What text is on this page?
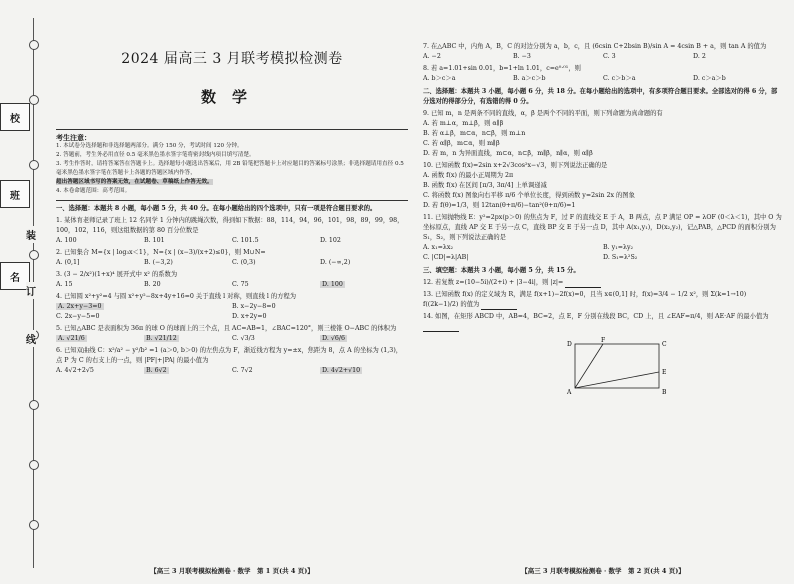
校
班
名
装
订
线
2024 届高三 3 月联考模拟检测卷
数学
考生注意：
1. 本试卷分选择题和非选择题两部分。满分 150 分，考试时间 120 分钟。
2. 答题前，考生务必用直径 0.5 毫米黑色墨水签字笔将密封线内项目填写清楚。
3. 考生作答时，请将答案答在答题卡上。选择题每小题选出答案后，用 2B 铅笔把答题卡上对应题目的答案标号涂黑；非选择题请用直径 0.5 毫米黑色墨水签字笔在答题卡上各题的答题区域内作答，
超出答题区域书写的答案无效，在试题卷、草稿纸上作答无效。
4. 本卷命题范围：高考范围。
一、选择题：本题共 8 小题，每小题 5 分，共 40 分。在每小题给出的四个选项中，只有一项是符合题目要求的。
1. 某体育老师记录了班上 12 名同学 1 分钟内的跳绳次数，得到如下数据：88，114，94，96，101，98，89，99，98，100，102，116，则这组数据的第 80 百分位数是
A. 100	B. 101	C. 101.5	D. 102
2. 已知集合 M={x | log₃x＜1}，N={x | (x−3)/(x+2)≤0}，则 M∪N=
A. (0,1]	B. (−3,2)	C. (0,3)	D. (−∞,2)
3. (3 − 2/x²)(1+x)⁴ 展开式中 x² 的系数为
A. 15	B. 20	C. 75	D. 100
4. 已知圆 x²+y²=4 与圆 x²+y²−8x+4y+16=0 关于直线 l 对称，则直线 l 的方程为
A. 2x+y−3=0	B. x−2y−8=0
C. 2x−y−5=0	D. x+2y=0
5. 已知△ABC 是表面积为 36π 的球 O 的球面上的三个点，且 AC=AB=1，∠BAC=120°，则三棱锥 O−ABC 的体积为
A. √21/6	B. √21/12	C. √3/3	D. √6/6
6. 已知双曲线 C：x²/a² − y²/b² =1 (a＞0, b＞0) 的左焦点为 F，渐近线方程为 y=±x，焦距为 8，点 A 的坐标为 (1,3)，点 P 为 C 的右支上的一点，则 |PF|+|PA| 的最小值为
A. 4√2+2√5	B. 6√2	C. 7√2	D. 4√2+√10
【高三 3 月联考模拟检测卷 · 数学　第 1 页(共 4 页)】
7. 在△ABC 中，内角 A，B，C 的对边分别为 a，b，c，且 (6csin C+2bsin B)/sin A = 4csin B + a，则 tan A 的值为
A. −2	B. −3	C. 3	D. 2
8. 若 a=1.01+sin 0.01，b=1+ln 1.01，c=e⁰·⁰¹，则
A. b＞c＞a	B. a＞c＞b	C. c＞b＞a	D. c＞a＞b
二、选择题：本题共 3 小题，每小题 6 分，共 18 分。在每小题给出的选项中，有多项符合题目要求。全部选对的得 6 分，部分选对的得部分分，有选错的得 0 分。
9. 已知 m，n 是两条不同的直线，α，β 是两个不同的平面，则下列命题为真命题的有
A. 若 m⊥α，m⊥β，则 α∥β
B. 若 α⊥β，m⊂α，n⊂β，则 m⊥n
C. 若 α∥β，m⊂α，则 m∥β
D. 若 m，n 为异面直线，m⊂α，n⊂β，m∥β，n∥α，则 α∥β
10. 已知函数 f(x)=2sin x+2√3cos²x−√3，则下列说法正确的是
A. 函数 f(x) 的最小正周期为 2π
B. 函数 f(x) 在区间 [π/3, 3π/4] 上单调递减
C. 将函数 f(x) 图象向右平移 π/6 个单位长度，得到函数 y=2sin 2x 的图象
D. 若 f(θ)=1/3，则 12tan(θ+π/6)−tan²(θ+π/6)=1
11. 已知抛物线 E：y²=2px(p＞0) 的焦点为 F，过 F 的直线交 E 于 A，B 两点，点 P 满足 OP = λOF (0＜λ＜1)，其中 O 为坐标原点，直线 AP 交 E 于另一点 C，直线 BP 交 E 于另一点 D，其中 A(x₁,y₁)，D(x₂,y₂)，记△PAB，△PCD 的面积分别为 S₁，S₂，则下列说法正确的是
A. x₁=λx₂	B. y₁=λy₂
C. |CD|=λ|AB|	D. S₁=λ²S₂
三、填空题：本题共 3 小题，每小题 5 分，共 15 分。
12. 若复数 z=(10−5i)/(2+i) + |3−4i|，则 |z|=
13. 已知函数 f(x) 的定义域为 R，满足 f(x+1)−2f(x)=0，且当 x∈(0,1] 时，f(x)=3/4 − 1/2 x²，则 Σ(k=1→10) f((2k−1)/2) 的值为
14. 如图，在矩形 ABCD 中，AB=4，BC=2，点 E，F 分别在线段 BC，CD 上，且 ∠EAF=π/4，则 AE·AF 的最小值为
D
F
C
E
A	B
【高三 3 月联考模拟检测卷 · 数学　第 2 页(共 4 页)】
